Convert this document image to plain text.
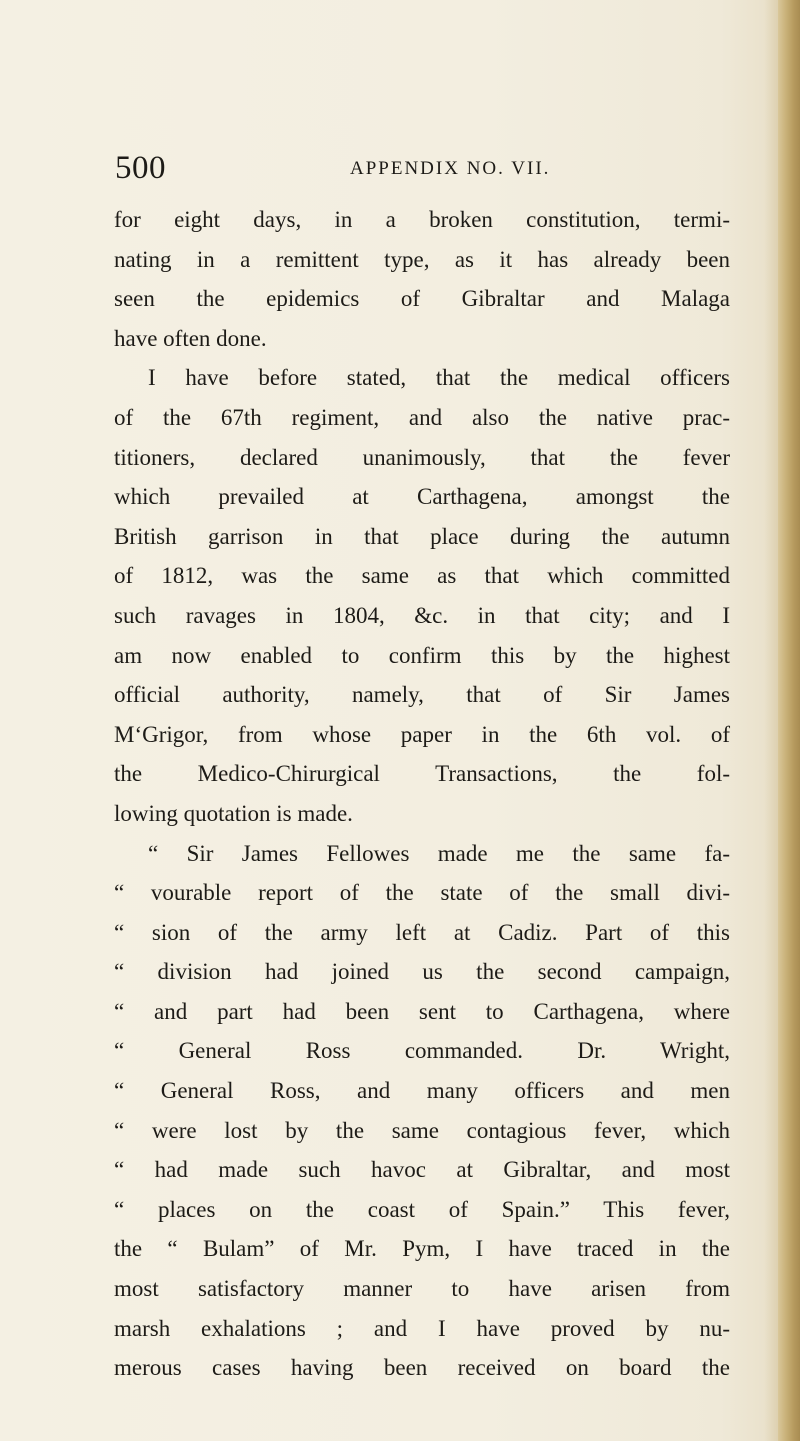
500	APPENDIX NO. VII.
for eight days, in a broken constitution, termi-
nating in a remittent type, as it has already been
seen the epidemics of Gibraltar and Malaga
have often done.
I have before stated, that the medical officers
of the 67th regiment, and also the native prac-
titioners, declared unanimously, that the fever
which prevailed at Carthagena, amongst the
British garrison in that place during the autumn
of 1812, was the same as that which committed
such ravages in 1804, &c. in that city; and I
am now enabled to confirm this by the highest
official authority, namely, that of Sir James
M‘Grigor, from whose paper in the 6th vol. of
the Medico-Chirurgical Transactions, the fol-
lowing quotation is made.
“ Sir James Fellowes made me the same fa-
“ vourable report of the state of the small divi-
“ sion of the army left at Cadiz. Part of this
“ division had joined us the second campaign,
“ and part had been sent to Carthagena, where
“ General Ross commanded. Dr. Wright,
“ General Ross, and many officers and men
“ were lost by the same contagious fever, which
“ had made such havoc at Gibraltar, and most
“ places on the coast of Spain.” This fever,
the “ Bulam” of Mr. Pym, I have traced in the
most satisfactory manner to have arisen from
marsh exhalations ; and I have proved by nu-
merous cases having been received on board the
